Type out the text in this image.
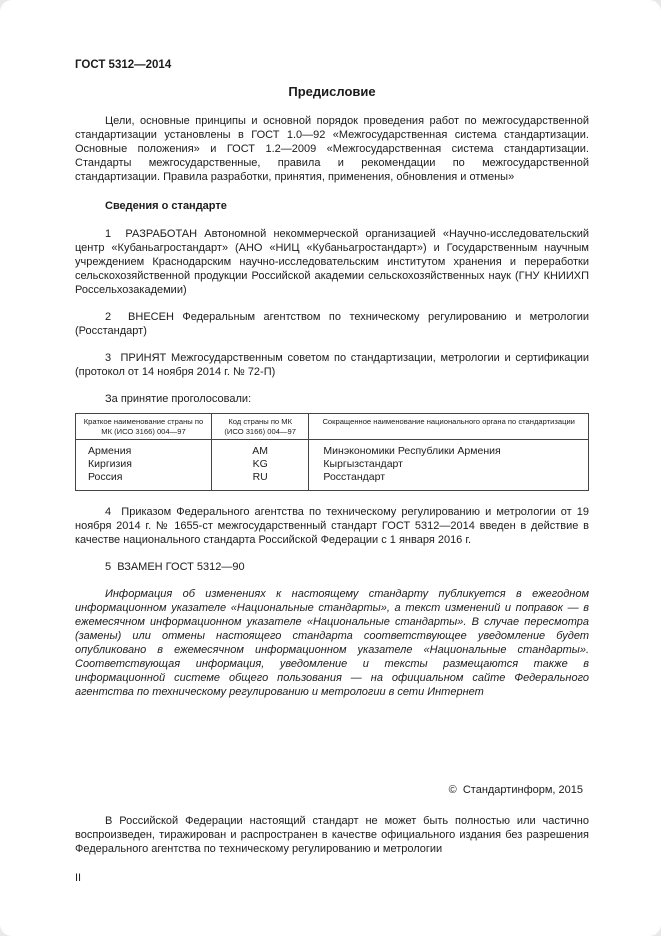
ГОСТ 5312—2014
Предисловие

Цели, основные принципы и основной порядок проведения работ по межгосударственной стандартизации установлены в ГОСТ 1.0—92 «Межгосударственная система стандартизации. Основные положения» и ГОСТ 1.2—2009 «Межгосударственная система стандартизации. Стандарты межгосударственные, правила и рекомендации по межгосударственной стандартизации. Правила разработки, принятия, применения, обновления и отмены»

Сведения о стандарте

1  РАЗРАБОТАН Автономной некоммерческой организацией «Научно-исследовательский центр «Кубаньагростандарт» (АНО «НИЦ «Кубаньагростандарт») и Государственным научным учреждением Краснодарским научно-исследовательским институтом хранения и переработки сельскохозяйственной продукции Российской академии сельскохозяйственных наук (ГНУ КНИИХП Россельхозакадемии)

2  ВНЕСЕН Федеральным агентством по техническому регулированию и метрологии (Росстандарт)

3  ПРИНЯТ Межгосударственным советом по стандартизации, метрологии и сертификации (протокол от 14 ноября 2014 г. № 72-П)

За принятие проголосовали:

Краткое наименование страны по МК (ИСО 3166) 004—97	Код страны по МК (ИСО 3166) 004—97	Сокращенное наименование национального органа по стандартизации
Армения	AM	Минэкономики Республики Армения
Киргизия	KG	Кыргызстандарт
Россия	RU	Росстандарт

4  Приказом Федерального агентства по техническому регулированию и метрологии от 19 ноября 2014 г. № 1655-ст межгосударственный стандарт ГОСТ 5312—2014 введен в действие в качестве национального стандарта Российской Федерации с 1 января 2016 г.

5  ВЗАМЕН ГОСТ 5312—90

Информация об изменениях к настоящему стандарту публикуется в ежегодном информационном указателе «Национальные стандарты», а текст изменений и поправок — в ежемесячном информационном указателе «Национальные стандарты». В случае пересмотра (замены) или отмены настоящего стандарта соответствующее уведомление будет опубликовано в ежемесячном информационном указателе «Национальные стандарты». Соответствующая информация, уведомление и тексты размещаются также в информационной системе общего пользования — на официальном сайте Федерального агентства по техническому регулированию и метрологии в сети Интернет

©  Стандартинформ, 2015

В Российской Федерации настоящий стандарт не может быть полностью или частично воспроизведен, тиражирован и распространен в качестве официального издания без разрешения Федерального агентства по техническому регулированию и метрологии

II
